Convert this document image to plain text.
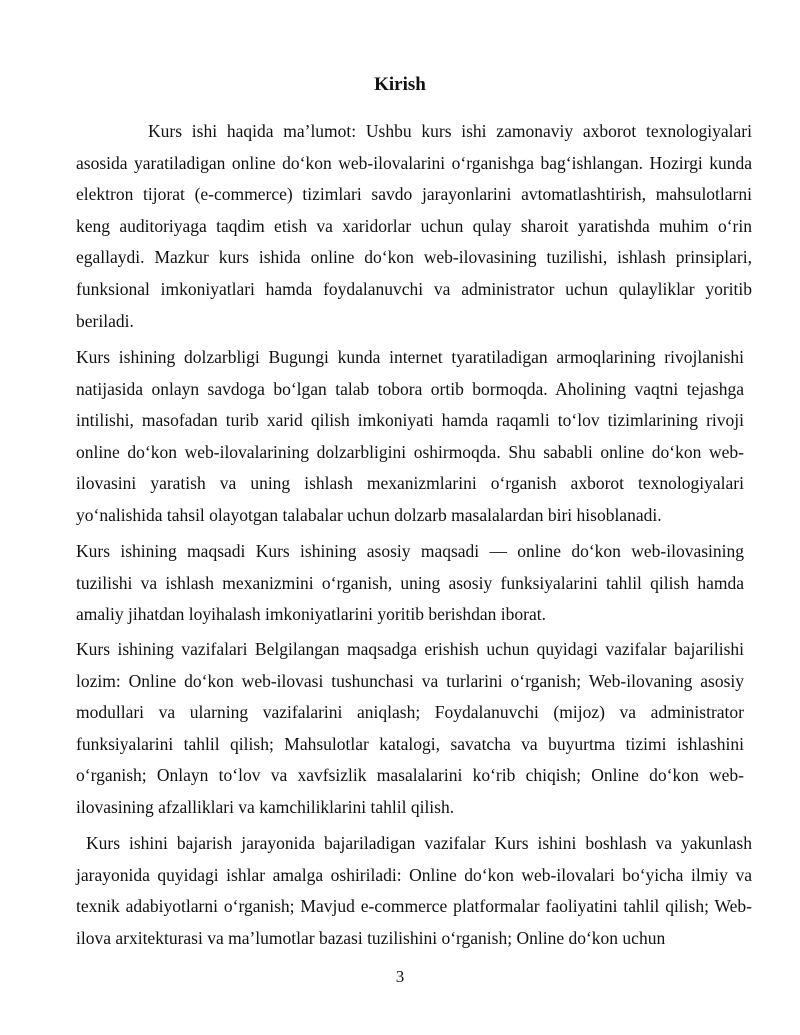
Kirish

Kurs ishi haqida ma’lumot: Ushbu kurs ishi zamonaviy axborot texnologiyalari asosida yaratiladigan online do‘kon web-ilovalarini o‘rganishga bag‘ishlangan. Hozirgi kunda elektron tijorat (e-commerce) tizimlari savdo jarayonlarini avtomatlashtirish, mahsulotlarni keng auditoriyaga taqdim etish va xaridorlar uchun qulay sharoit yaratishda muhim o‘rin egallaydi. Mazkur kurs ishida online do‘kon web-ilovasining tuzilishi, ishlash prinsiplari, funksional imkoniyatlari hamda foydalanuvchi va administrator uchun qulayliklar yoritib beriladi.

Kurs ishining dolzarbligi Bugungi kunda internet tyaratiladigan armoqlarining rivojlanishi natijasida onlayn savdoga bo‘lgan talab tobora ortib bormoqda. Aholining vaqtni tejashga intilishi, masofadan turib xarid qilish imkoniyati hamda raqamli to‘lov tizimlarining rivoji online do‘kon web-ilovalarining dolzarbligini oshirmoqda. Shu sababli online do‘kon web-ilovasini yaratish va uning ishlash mexanizmlarini o‘rganish axborot texnologiyalari yo‘nalishida tahsil olayotgan talabalar uchun dolzarb masalalardan biri hisoblanadi.

Kurs ishining maqsadi Kurs ishining asosiy maqsadi — online do‘kon web-ilovasining tuzilishi va ishlash mexanizmini o‘rganish, uning asosiy funksiyalarini tahlil qilish hamda amaliy jihatdan loyihalash imkoniyatlarini yoritib berishdan iborat.

Kurs ishining vazifalari Belgilangan maqsadga erishish uchun quyidagi vazifalar bajarilishi lozim: Online do‘kon web-ilovasi tushunchasi va turlarini o‘rganish; Web-ilovaning asosiy modullari va ularning vazifalarini aniqlash; Foydalanuvchi (mijoz) va administrator funksiyalarini tahlil qilish; Mahsulotlar katalogi, savatcha va buyurtma tizimi ishlashini o‘rganish; Onlayn to‘lov va xavfsizlik masalalarini ko‘rib chiqish; Online do‘kon web-ilovasining afzalliklari va kamchiliklarini tahlil qilish.

Kurs ishini bajarish jarayonida bajariladigan vazifalar Kurs ishini boshlash va yakunlash jarayonida quyidagi ishlar amalga oshiriladi: Online do‘kon web-ilovalari bo‘yicha ilmiy va texnik adabiyotlarni o‘rganish; Mavjud e-commerce platformalar faoliyatini tahlil qilish; Web-ilova arxitekturasi va ma’lumotlar bazasi tuzilishini o‘rganish; Online do‘kon uchun

3
